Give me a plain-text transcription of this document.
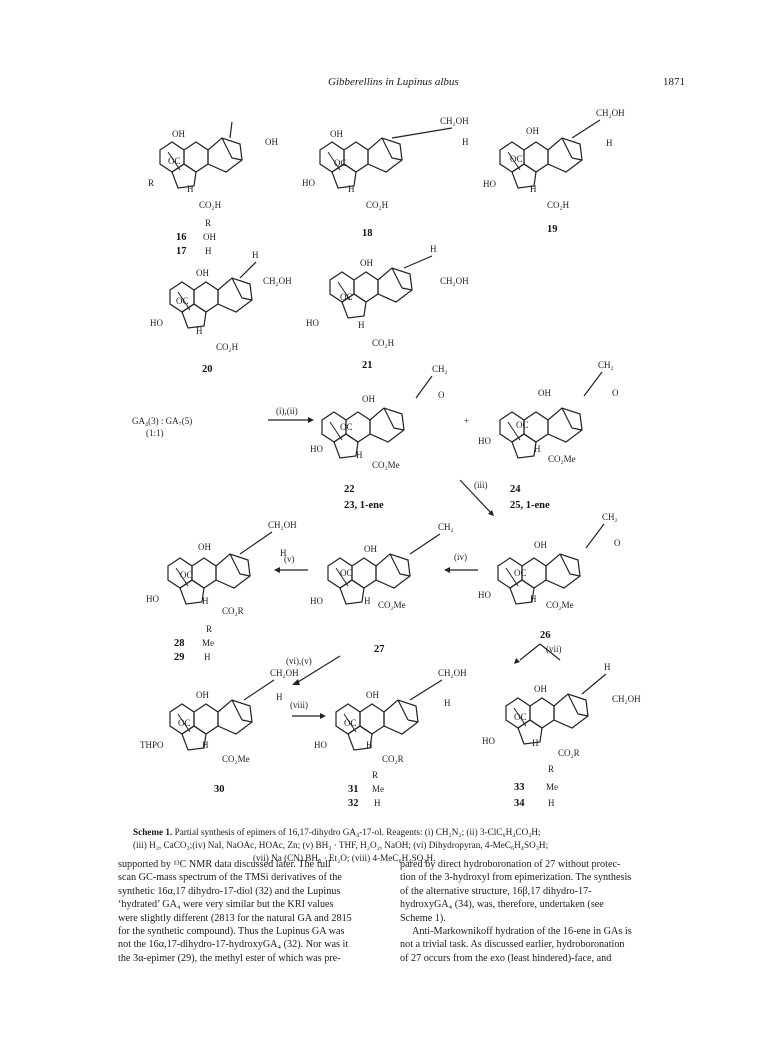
Gibberellins in Lupinus albus	1871
OH
OC
OH
R
H
CO₂H
R
16 OH
17 H
CH₂OH
OH
OC
H
HO
H
CO₂H
18
CH₂OH
OH
OC
H
HO	H
CO₂H
19
H
CH₂OH
OH
OC
HO
H
CO₂H
20
H
CH₂OH
OH
OC
HO	H
CO₂H
21
GA₄(3) : GA₇(5)
(1:1)
(i),(ii)
CH₂
O
OH
OC
HO
H
CO₂Me
22
23, 1-ene
+
CH₂
O
OH
OC
HO
H
CO₂Me
24
25, 1-ene
(iii)
CH₂OH
OH
OC
H
HO	H
CO₂R
R
28 Me
29 H
(v)
CH₂
OH
OC
HO	H CO₂Me
27
(iv)
CH₂
O
OH
OC
HO	H
CO₂Me
26
(vii)
(vi),(v)
CH₂OH
OH
OC
H
THPO	H
CO₂Me
30
(viii)
CH₂OH
OH
OC
H
HO	H
CO₂R
R
31 Me
32 H
H
CH₂OH
OH
OC
HO	H
CO₂R
R
33 Me
34	H
Scheme 1. Partial synthesis of epimers of 16,17-dihydro GA₄-17-ol. Reagents: (i) CH₂N₂; (ii) 3-ClC₆H₄CO₃H;
(iii) H₂, CaCO₃;(iv) NaI, NaOAc, HOAc, Zn; (v) BH₃ · THF, H₂O₂, NaOH; (vi) Dihydropyran, 4-MeC₆H₄SO₃H;
(vii) Na (CN) BH₃ · Et₂O; (viii) 4-MeC₆H₄SO₃H.
supported by ¹³C NMR data discussed later. The full
scan GC-mass spectrum of the TMSi derivatives of the
synthetic 16α,17 dihydro-17-diol (32) and the Lupinus
‘hydrated’ GA₄ were very similar but the KRI values
were slightly different (2813 for the natural GA and 2815
for the synthetic compound). Thus the Lupinus GA was
not the 16α,17-dihydro-17-hydroxyGA₄ (32). Nor was it
the 3α-epimer (29), the methyl ester of which was pre-
pared by direct hydroboronation of 27 without protec-
tion of the 3-hydroxyl from epimerization. The synthesis
of the alternative structure, 16β,17 dihydro-17-
hydroxyGA₄ (34), was, therefore, undertaken (see
Scheme 1).
Anti-Markownikoff hydration of the 16-ene in GAs is
not a trivial task. As discussed earlier, hydroboronation
of 27 occurs from the exo (least hindered)-face, and
